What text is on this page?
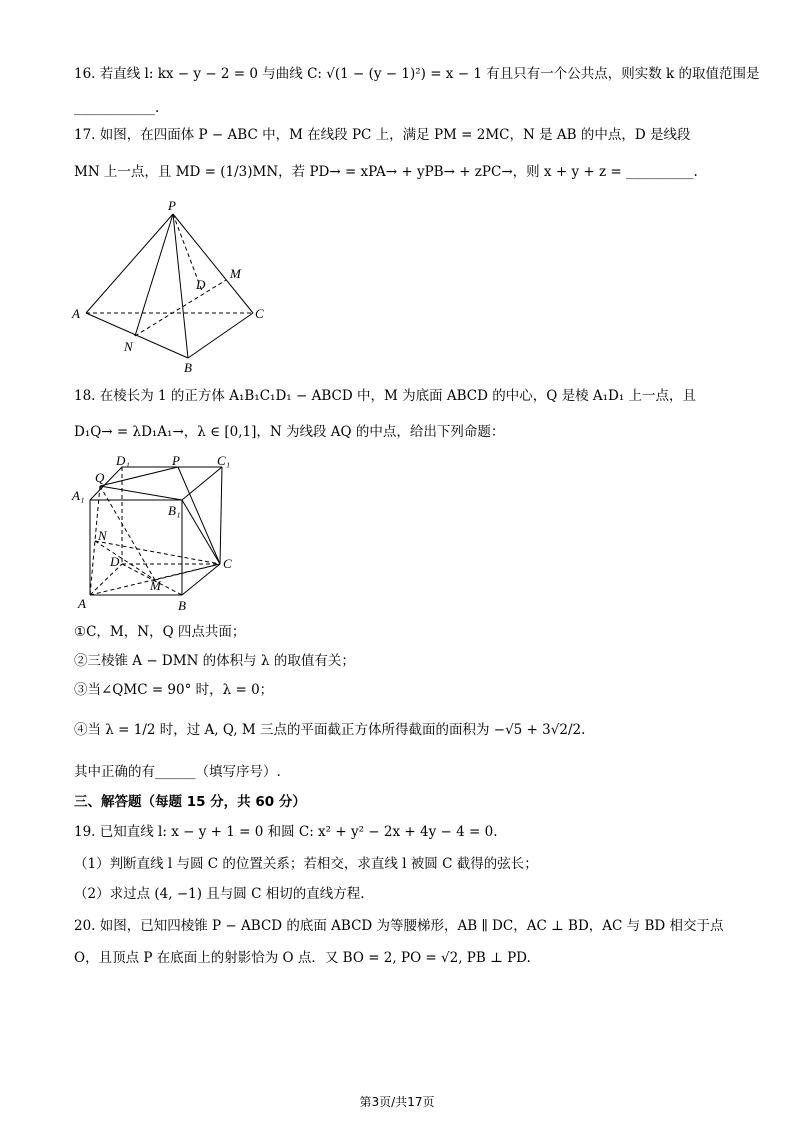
16. 若直线 l: kx − y − 2 = 0 与曲线 C: √(1 − (y − 1)²) = x − 1 有且只有一个公共点，则实数 k 的取值范围是
____________.
17. 如图，在四面体 P − ABC 中，M 在线段 PC 上，满足 PM = 2MC，N 是 AB 的中点，D 是线段
MN 上一点，且 MD = (1/3)MN，若 PD→ = xPA→ + yPB→ + zPC→，则 x + y + z = __________.
P
M
D
A	C
N
B
18. 在棱长为 1 的正方体 A₁B₁C₁D₁ − ABCD 中，M 为底面 ABCD 的中心，Q 是棱 A₁D₁ 上一点，且
D₁Q→ = λD₁A₁→，λ ∈ [0,1]，N 为线段 AQ 的中点，给出下列命题：
D₁	P	C₁
Q
A₁
B₁
N
D	C
M
A	B
①C，M，N，Q 四点共面；
②三棱锥 A − DMN 的体积与 λ 的取值有关；
③当∠QMC = 90° 时，λ = 0；
④当 λ = 1/2 时，过 A, Q, M 三点的平面截正方体所得截面的面积为 −√5 + 3√2/2.
其中正确的有______（填写序号）.
三、解答题（每题 15 分，共 60 分）
19. 已知直线 l: x − y + 1 = 0 和圆 C: x² + y² − 2x + 4y − 4 = 0.
（1）判断直线 l 与圆 C 的位置关系；若相交，求直线 l 被圆 C 截得的弦长；
（2）求过点 (4, −1) 且与圆 C 相切的直线方程.
20. 如图，已知四棱锥 P − ABCD 的底面 ABCD 为等腰梯形，AB ∥ DC，AC ⊥ BD，AC 与 BD 相交于点
O，且顶点 P 在底面上的射影恰为 O 点．又 BO = 2, PO = √2, PB ⊥ PD.
第3页/共17页
